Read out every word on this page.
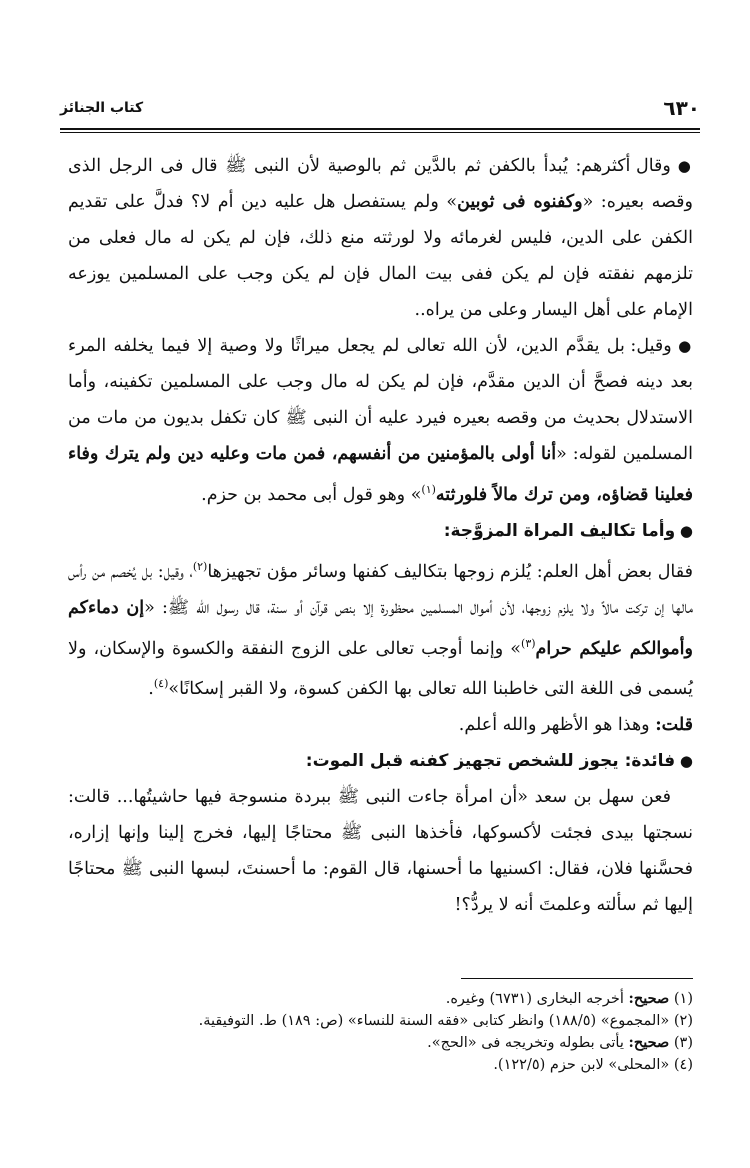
٦٣٠
كتاب الجنائز

● وقال أكثرهم: يُبدأ بالكفن ثم بالدَّين ثم بالوصية لأن النبى ﷺ قال فى الرجل الذى وقصه بعيره: «وكفنوه فى ثوبين» ولم يستفصل هل عليه دين أم لا؟ فدلَّ على تقديم الكفن على الدين، فليس لغرمائه ولا لورثته منع ذلك، فإن لم يكن له مال فعلى من تلزمهم نفقته فإن لم يكن ففى بيت المال فإن لم يكن وجب على المسلمين يوزعه الإمام على أهل اليسار وعلى من يراه..

● وقيل: بل يقدَّم الدين، لأن الله تعالى لم يجعل ميراثًا ولا وصية إلا فيما يخلفه المرء بعد دينه فصحَّ أن الدين مقدَّم، فإن لم يكن له مال وجب على المسلمين تكفينه، وأما الاستدلال بحديث من وقصه بعيره فيرد عليه أن النبى ﷺ كان تكفل بديون من مات من المسلمين لقوله: «أنا أولى بالمؤمنين من أنفسهم، فمن مات وعليه دين ولم يترك وفاء فعلينا قضاؤه، ومن ترك مالاً فلورثته$^{(١)}$» وهو قول أبى محمد بن حزم.

● وأما تكاليف المراة المزوَّجة:

فقال بعض أهل العلم: يُلزم زوجها بتكاليف كفنها وسائر مؤن تجهيزها$^{(٢)}$، وقيل: بل يُخصم من رأس مالها إن تركت مالاً ولا يلزم زوجها، لأن أموال المسلمين محظورة إلا بنص قرآن أو سنة، قال رسول الله ﷺ: «إن دماءكم وأموالكم عليكم حرام$^{(٣)}$» وإنما أوجب تعالى على الزوج النفقة والكسوة والإسكان، ولا يُسمى فى اللغة التى خاطبنا الله تعالى بها الكفن كسوة، ولا القبر إسكانًا»$^{(٤)}$.

قلت: وهذا هو الأظهر والله أعلم.

● فائدة: يجوز للشخص تجهيز كفنه قبل الموت:

فعن سهل بن سعد «أن امرأة جاءت النبى ﷺ ببردة منسوجة فيها حاشيتُها... قالت: نسجتها بيدى فجئت لأكسوكها، فأخذها النبى ﷺ محتاجًا إليها، فخرج إلينا وإنها إزاره، فحسَّنها فلان، فقال: اكسنيها ما أحسنها، قال القوم: ما أحسنتَ، لبسها النبى ﷺ محتاجًا إليها ثم سألته وعلمتَ أنه لا يردُّ؟!

(١) صحيح: أخرجه البخارى (٦٧٣١) وغيره.

(٢) «المجموع» (١٨٨/٥) وانظر كتابى «فقه السنة للنساء» (ص: ١٨٩) ط. التوفيقية.

(٣) صحيح: يأتى بطوله وتخريجه فى «الحج».

(٤) «المحلى» لابن حزم (١٢٢/٥).
